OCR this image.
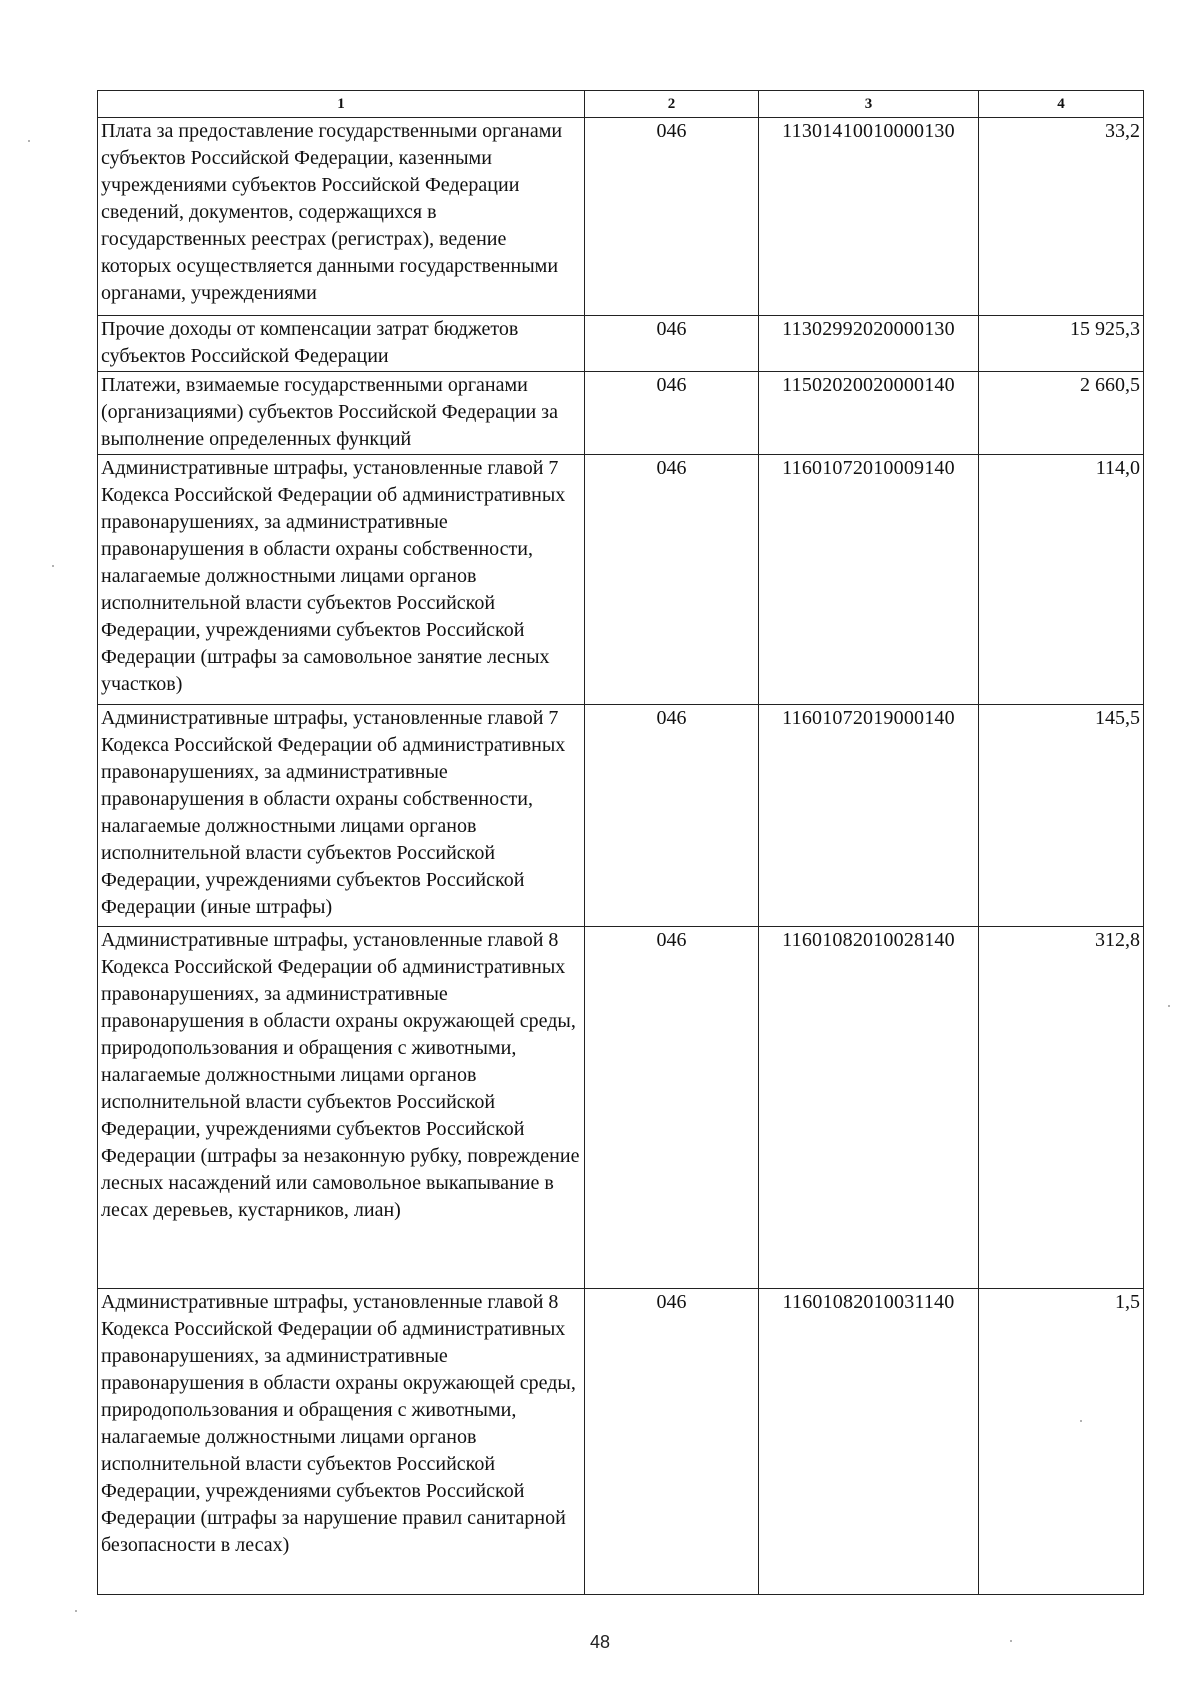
1	2	3	4
Плата за предоставление государственными органами субъектов Российской Федерации, казенными учреждениями субъектов Российской Федерации сведений, документов, содержащихся в государственных реестрах (регистрах), ведение которых осуществляется данными государственными органами, учреждениями	046	11301410010000130	33,2
Прочие доходы от компенсации затрат бюджетов субъектов Российской Федерации	046	11302992020000130	15 925,3
Платежи, взимаемые государственными органами (организациями) субъектов Российской Федерации за выполнение определенных функций	046	11502020020000140	2 660,5
Административные штрафы, установленные главой 7 Кодекса Российской Федерации об административных правонарушениях, за административные правонарушения в области охраны собственности, налагаемые должностными лицами органов исполнительной власти субъектов Российской Федерации, учреждениями субъектов Российской Федерации (штрафы за самовольное занятие лесных участков)	046	11601072010009140	114,0
Административные штрафы, установленные главой 7 Кодекса Российской Федерации об административных правонарушениях, за административные правонарушения в области охраны собственности, налагаемые должностными лицами органов исполнительной власти субъектов Российской Федерации, учреждениями субъектов Российской Федерации (иные штрафы)	046	11601072019000140	145,5
Административные штрафы, установленные главой 8 Кодекса Российской Федерации об административных правонарушениях, за административные правонарушения в области охраны окружающей среды, природопользования и обращения с животными, налагаемые должностными лицами органов исполнительной власти субъектов Российской Федерации, учреждениями субъектов Российской Федерации (штрафы за незаконную рубку, повреждение лесных насаждений или самовольное выкапывание в лесах деревьев, кустарников, лиан)	046	11601082010028140	312,8
Административные штрафы, установленные главой 8 Кодекса Российской Федерации об административных правонарушениях, за административные правонарушения в области охраны окружающей среды, природопользования и обращения с животными, налагаемые должностными лицами органов исполнительной власти субъектов Российской Федерации, учреждениями субъектов Российской Федерации (штрафы за нарушение правил санитарной безопасности в лесах)	046	11601082010031140	1,5
48
